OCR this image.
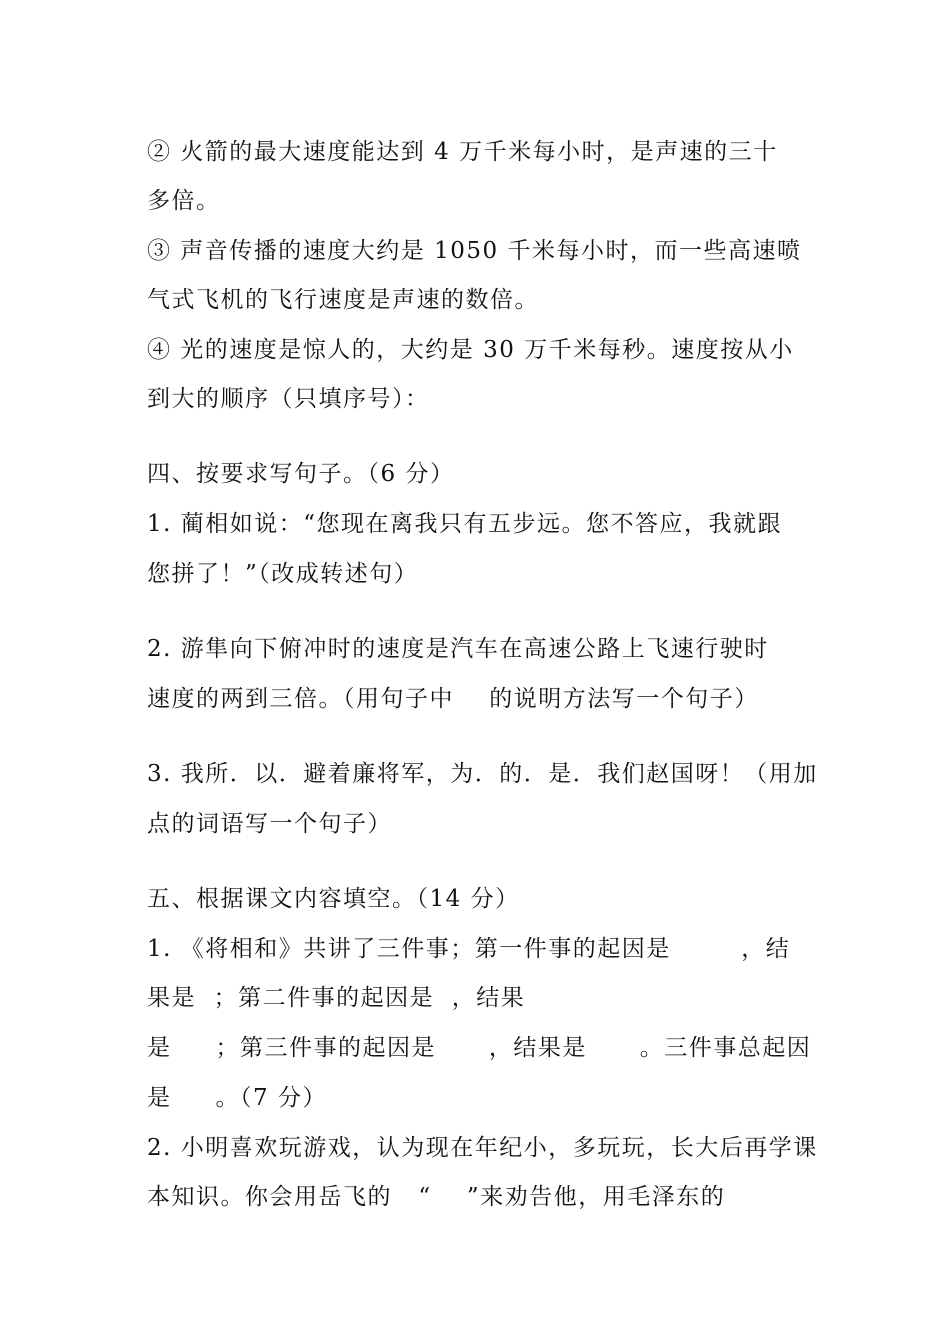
② 火箭的最大速度能达到 4 万千米每小时，是声速的三十
多倍。
③ 声音传播的速度大约是 1050 千米每小时，而一些高速喷
气式飞机的飞行速度是声速的数倍。
④ 光的速度是惊人的，大约是 30 万千米每秒。速度按从小
到大的顺序（只填序号）：
四、按要求写句子。（6 分）
1. 蔺相如说：“您现在离我只有五步远。您不答应，我就跟
您拼了！”（改成转述句）
2. 游隼向下俯冲时的速度是汽车在高速公路上飞速行驶时
速度的两到三倍。（用句子中    的说明方法写一个句子）
3. 我所．以．避着廉将军，为．的．是．我们赵国呀！（用加
点的词语写一个句子）
五、根据课文内容填空。（14 分）
1. 《将相和》共讲了三件事；第一件事的起因是        ，结
果是  ；第二件事的起因是  ，结果
是     ；第三件事的起因是      ，结果是      。三件事总起因
是     。（7 分）
2. 小明喜欢玩游戏，认为现在年纪小，多玩玩，长大后再学课
本知识。你会用岳飞的   “    ”来劝告他，用毛泽东的
